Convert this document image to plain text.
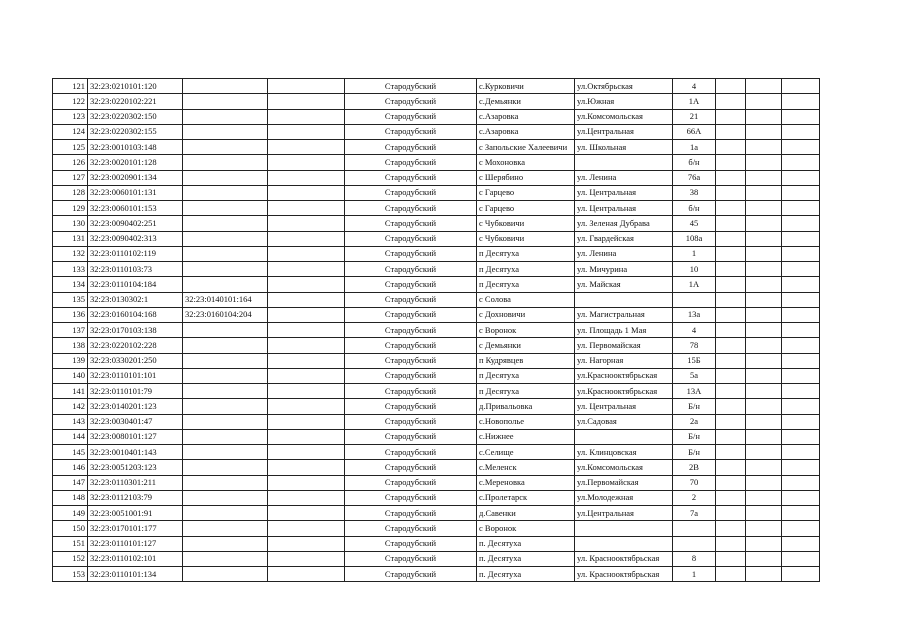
121	32:23:0210101:120			Стародубский	с.Курковичи	ул.Октябрьская	4			
122	32:23:0220102:221			Стародубский	с.Демьянки	ул.Южная	1А			
123	32:23:0220302:150			Стародубский	с.Азаровка	ул.Комсомольская	21			
124	32:23:0220302:155			Стародубский	с.Азаровка	ул.Центральная	66А			
125	32:23:0010103:148			Стародубский	с Запольские Халеевичи	ул. Школьная	1а			
126	32:23:0020101:128			Стародубский	с Мохоновка		б/н			
127	32:23:0020901:134			Стародубский	с Шерябино	ул. Ленина	76а			
128	32:23:0060101:131			Стародубский	с Гарцево	ул. Центральная	38			
129	32:23:0060101:153			Стародубский	с Гарцево	ул. Центральная	б/н			
130	32:23:0090402:251			Стародубский	с Чубковичи	ул. Зеленая Дубрава	45			
131	32:23:0090402:313			Стародубский	с Чубковичи	ул. Гвардейская	108а			
132	32:23:0110102:119			Стародубский	п Десятуха	ул. Ленина	1			
133	32:23:0110103:73			Стародубский	п Десятуха	ул. Мичурина	10			
134	32:23:0110104:184			Стародубский	п Десятуха	ул. Майская	1А			
135	32:23:0130302:1	32:23:0140101:164		Стародубский	с Солова					
136	32:23:0160104:168	32:23:0160104:204		Стародубский	с Дохновичи	ул. Магистральная	13а			
137	32:23:0170103:138			Стародубский	с Воронок	ул. Площадь 1 Мая	4			
138	32:23:0220102:228			Стародубский	с Демьянки	ул. Первомайская	78			
139	32:23:0330201:250			Стародубский	п Кудрявцев	ул. Нагорная	15Б			
140	32:23:0110101:101			Стародубский	п Десятуха	ул.Краснооктябрьская	5а			
141	32:23:0110101:79			Стародубский	п Десятуха	ул.Краснооктябрьская	13А			
142	32:23:0140201:123			Стародубский	д.Привальовка	ул. Центральная	Б/н			
143	32:23:0030401:47			Стародубский	с.Новополье	ул.Садовая	2а			
144	32:23:0080101:127			Стародубский	с.Нижнее		Б/н			
145	32:23:0010401:143			Стародубский	с.Селище	ул. Клинцовская	Б/н			
146	32:23:0051203:123			Стародубский	с.Меленск	ул.Комсомольская	2В			
147	32:23:0110301:211			Стародубский	с.Мереновка	ул.Первомайская	70			
148	32:23:0112103:79			Стародубский	с.Пролетарск	ул.Молодежная	2			
149	32:23:0051001:91			Стародубский	д.Савенки	ул.Центральная	7а			
150	32:23:0170101:177			Стародубский	с Воронок					
151	32:23:0110101:127			Стародубский	п. Десятуха					
152	32:23:0110102:101			Стародубский	п. Десятуха	ул. Краснооктябрьская	8			
153	32:23:0110101:134			Стародубский	п. Десятуха	ул. Краснооктябрьская	1			
